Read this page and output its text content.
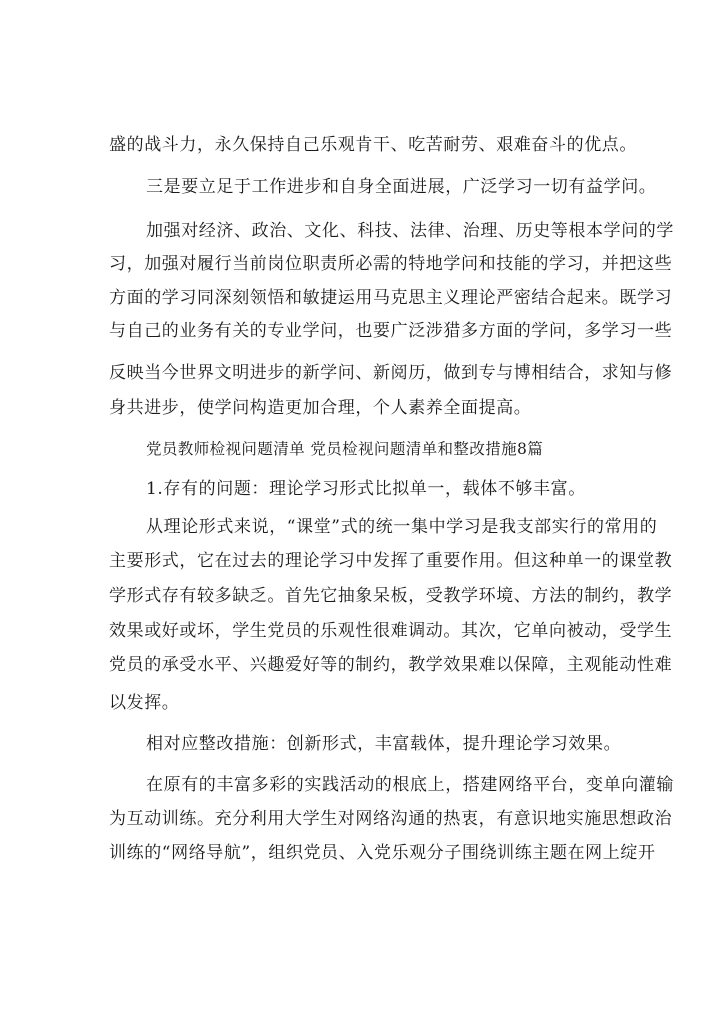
盛的战斗力，永久保持自己乐观肯干、吃苦耐劳、艰难奋斗的优点。
三是要立足于工作进步和自身全面进展，广泛学习一切有益学问。
加强对经济、政治、文化、科技、法律、治理、历史等根本学问的学
习，加强对履行当前岗位职责所必需的特地学问和技能的学习，并把这些
方面的学习同深刻领悟和敏捷运用马克思主义理论严密结合起来。既学习
与自己的业务有关的专业学问，也要广泛涉猎多方面的学问，多学习一些
反映当今世界文明进步的新学问、新阅历，做到专与博相结合，求知与修
身共进步，使学问构造更加合理，个人素养全面提高。
党员教师检视问题清单 党员检视问题清单和整改措施8篇
1.存有的问题：理论学习形式比拟单一，载体不够丰富。
从理论形式来说，“课堂”式的统一集中学习是我支部实行的常用的
主要形式，它在过去的理论学习中发挥了重要作用。但这种单一的课堂教
学形式存有较多缺乏。首先它抽象呆板，受教学环境、方法的制约，教学
效果或好或坏，学生党员的乐观性很难调动。其次，它单向被动，受学生
党员的承受水平、兴趣爱好等的制约，教学效果难以保障，主观能动性难
以发挥。
相对应整改措施：创新形式，丰富载体，提升理论学习效果。
在原有的丰富多彩的实践活动的根底上，搭建网络平台，变单向灌输
为互动训练。充分利用大学生对网络沟通的热衷，有意识地实施思想政治
训练的“网络导航”，组织党员、入党乐观分子围绕训练主题在网上绽开
